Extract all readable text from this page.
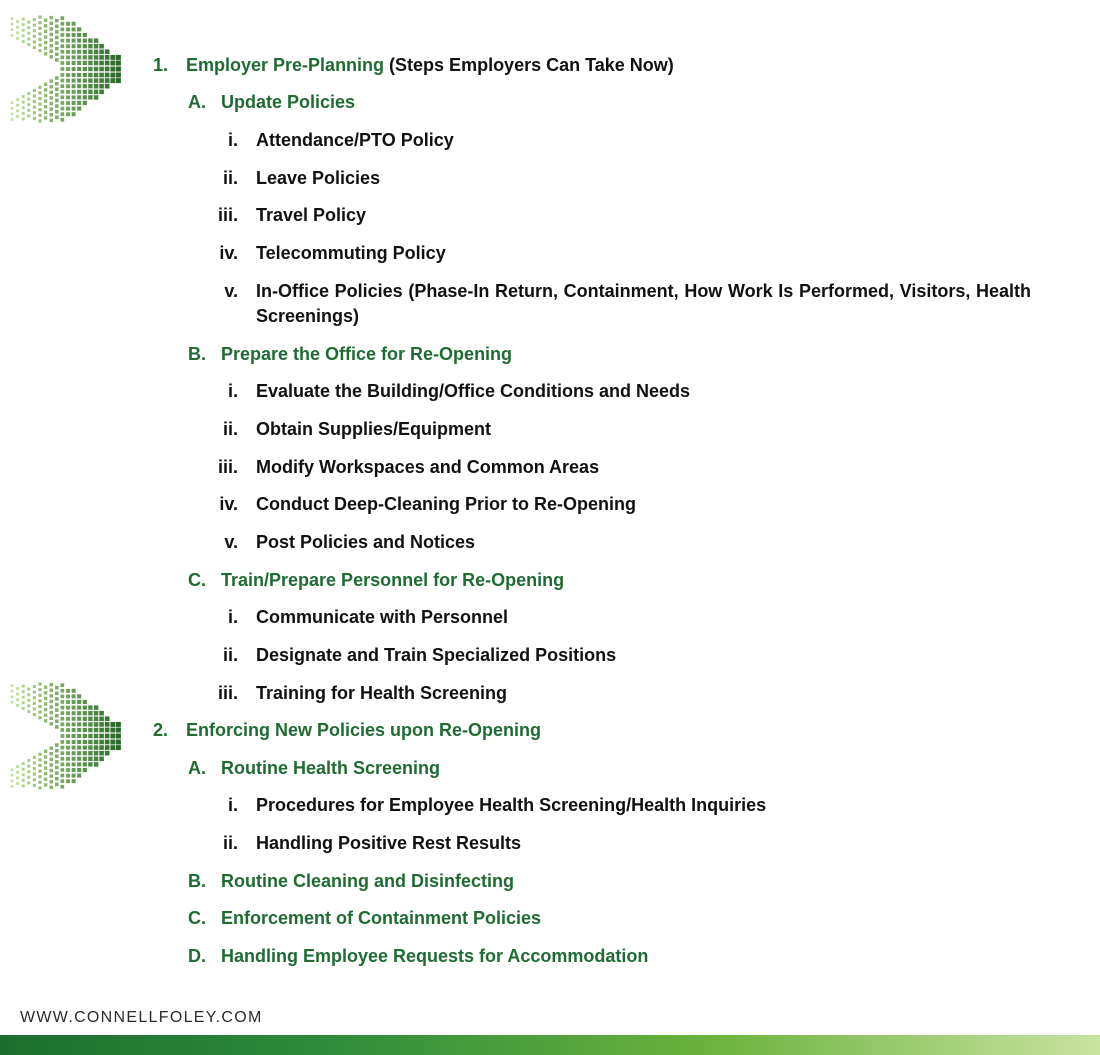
1. Employer Pre-Planning (Steps Employers Can Take Now)
A. Update Policies
i. Attendance/PTO Policy
ii. Leave Policies
iii. Travel Policy
iv. Telecommuting Policy
v. In-Office Policies (Phase-In Return, Containment, How Work Is Performed, Visitors, Health Screenings)
B. Prepare the Office for Re-Opening
i. Evaluate the Building/Office Conditions and Needs
ii. Obtain Supplies/Equipment
iii. Modify Workspaces and Common Areas
iv. Conduct Deep-Cleaning Prior to Re-Opening
v. Post Policies and Notices
C. Train/Prepare Personnel for Re-Opening
i. Communicate with Personnel
ii. Designate and Train Specialized Positions
iii. Training for Health Screening
2. Enforcing New Policies upon Re-Opening
A. Routine Health Screening
i. Procedures for Employee Health Screening/Health Inquiries
ii. Handling Positive Rest Results
B. Routine Cleaning and Disinfecting
C. Enforcement of Containment Policies
D. Handling Employee Requests for Accommodation
WWW.CONNELLFOLEY.COM
